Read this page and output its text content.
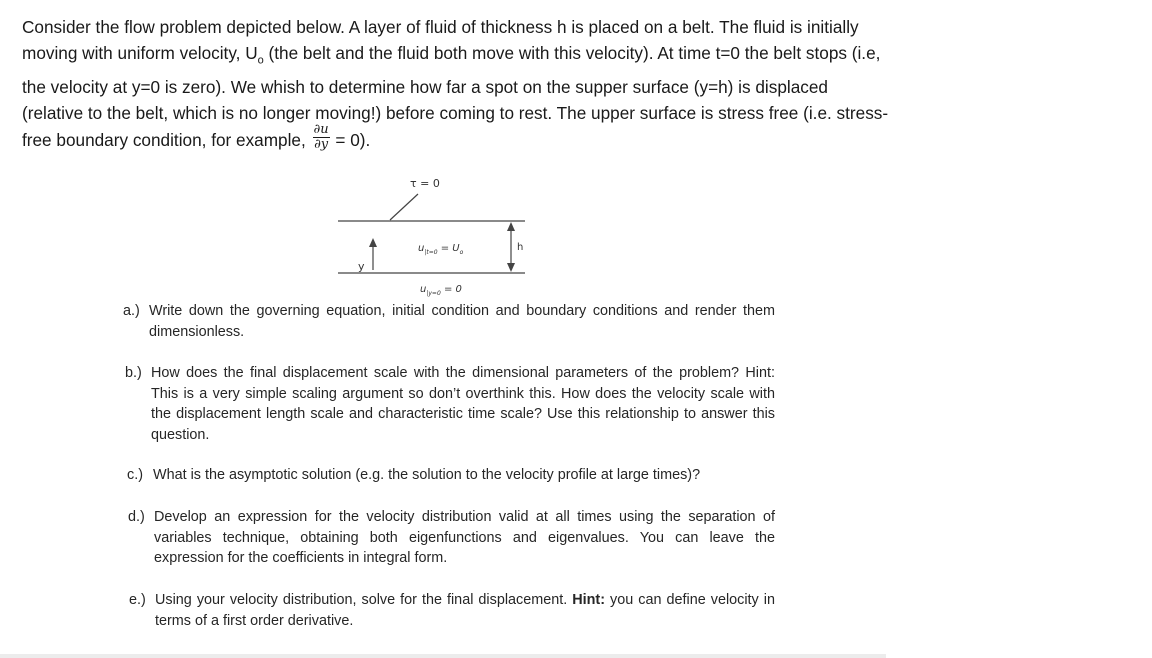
Consider the flow problem depicted below. A layer of fluid of thickness h is placed on a belt. The fluid is initially moving with uniform velocity, $U_o$ (the belt and the fluid both move with this velocity). At time t=0 the belt stops (i.e, the velocity at y=0 is zero). We whish to determine how far a spot on the supper surface (y=h) is displaced (relative to the belt, which is no longer moving!) before coming to rest. The upper surface is stress free (i.e. stress-free boundary condition, for example, $\frac{\partial u}{\partial y} = 0$).

τ = 0
y
h
$u_{|t=0} = U_o$
$u_{|y=0} = 0$
a.) Write down the governing equation, initial condition and boundary conditions and render them dimensionless.
b.) How does the final displacement scale with the dimensional parameters of the problem? Hint: This is a very simple scaling argument so don’t overthink this. How does the velocity scale with the displacement length scale and characteristic time scale? Use this relationship to answer this question.
c.) What is the asymptotic solution (e.g. the solution to the velocity profile at large times)?
d.) Develop an expression for the velocity distribution valid at all times using the separation of variables technique, obtaining both eigenfunctions and eigenvalues. You can leave the expression for the coefficients in integral form.
e.) Using your velocity distribution, solve for the final displacement. Hint: you can define velocity in terms of a first order derivative.
